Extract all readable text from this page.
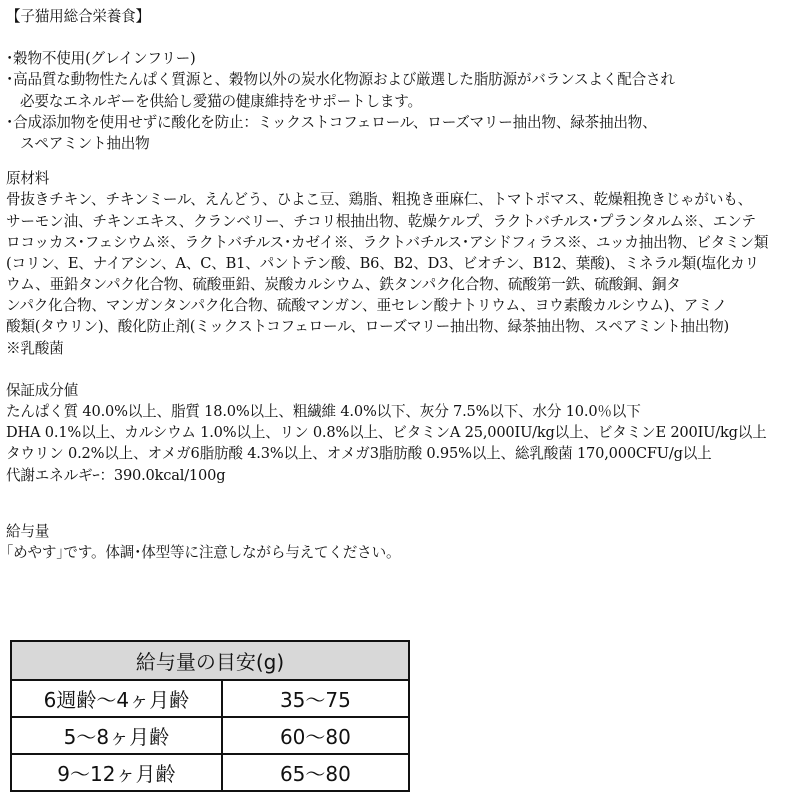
【子猫用総合栄養食】
･穀物不使用(グレインフリー)
･高品質な動物性たんぱく質源と、穀物以外の炭水化物源および厳選した脂肪源がバランスよく配合され
必要なエネルギーを供給し愛猫の健康維持をサポートします。
･合成添加物を使用せずに酸化を防止：ミックストコフェロール、ローズマリー抽出物、緑茶抽出物、
スペアミント抽出物
原材料
骨抜きチキン、チキンミール、えんどう、ひよこ豆、鶏脂、粗挽き亜麻仁、トマトポマス、乾燥粗挽きじゃがいも、
サーモン油、チキンエキス、クランベリー、チコリ根抽出物、乾燥ケルプ、ラクトバチルス･プランタルム※、エンテ
ロコッカス･フェシウム※、ラクトバチルス･カゼイ※、ラクトバチルス･アシドフィラス※、ユッカ抽出物、ビタミン類
(コリン、E、ナイアシン、A、C、B1、パントテン酸、B6、B2、D3、ビオチン、B12、葉酸)、ミネラル類(塩化カリ
ウム、亜鉛タンパク化合物、硫酸亜鉛、炭酸カルシウム、鉄タンパク化合物、硫酸第一鉄、硫酸銅、銅タ
ンパク化合物、マンガンタンパク化合物、硫酸マンガン、亜セレン酸ナトリウム、ヨウ素酸カルシウム)、アミノ
酸類(タウリン)、酸化防止剤(ミックストコフェロール、ローズマリー抽出物、緑茶抽出物、スペアミント抽出物)
※乳酸菌
保証成分値
たんぱく質 40.0%以上、脂質 18.0%以上、粗繊維 4.0%以下、灰分 7.5%以下、水分 10.0％以下
DHA 0.1%以上、カルシウム 1.0%以上、リン 0.8%以上、ビタミンA 25,000IU/kg以上、ビタミンE 200IU/kg以上
タウリン 0.2%以上、オメガ6脂肪酸 4.3%以上、オメガ3脂肪酸 0.95%以上、総乳酸菌 170,000CFU/g以上
代謝エネルギｰ：390.0kcal/100g
給与量
｢めやす｣です。体調･体型等に注意しながら与えてください。
給与量の目安(g)	
6週齢～4ヶ月齢	35～75
5～8ヶ月齢	60～80
9～12ヶ月齢	65～80
